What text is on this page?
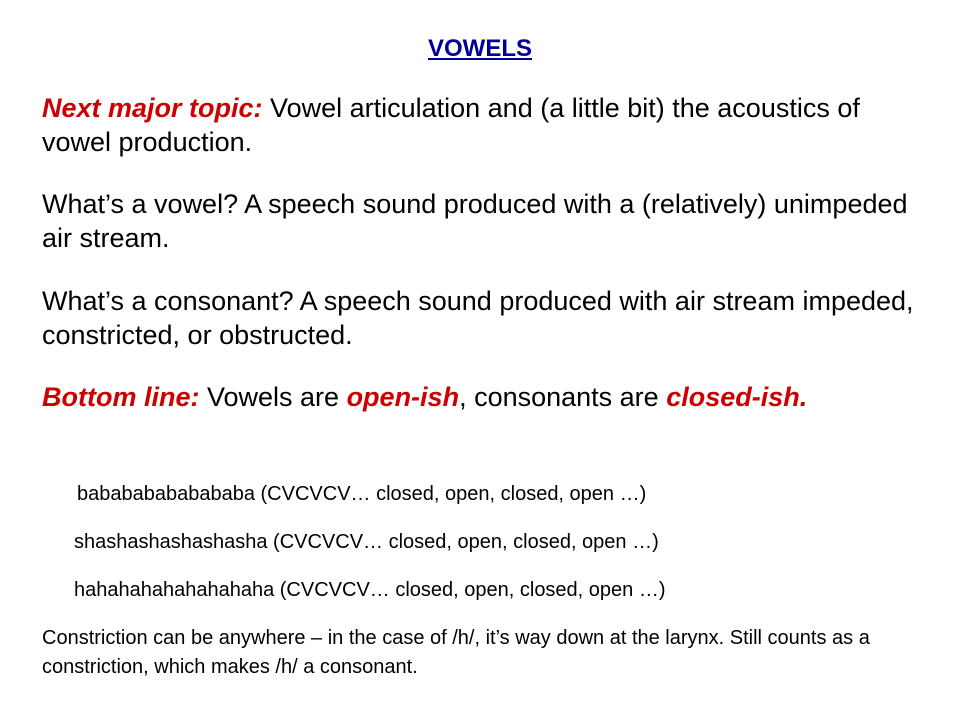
VOWELS
Next major topic: Vowel articulation and (a little bit) the acoustics of vowel production.
What’s a vowel? A speech sound produced with a (relatively) unimpeded air stream.
What’s a consonant? A speech sound produced with air stream impeded, constricted, or obstructed.
Bottom line: Vowels are open-ish, consonants are closed-ish.
babababababababa (CVCVCV… closed, open, closed, open …)
shashashashashasha (CVCVCV… closed, open, closed, open …)
hahahahahahahahaha (CVCVCV… closed, open, closed, open …)
Constriction can be anywhere – in the case of /h/, it’s way down at the larynx. Still counts as a constriction, which makes /h/ a consonant.
